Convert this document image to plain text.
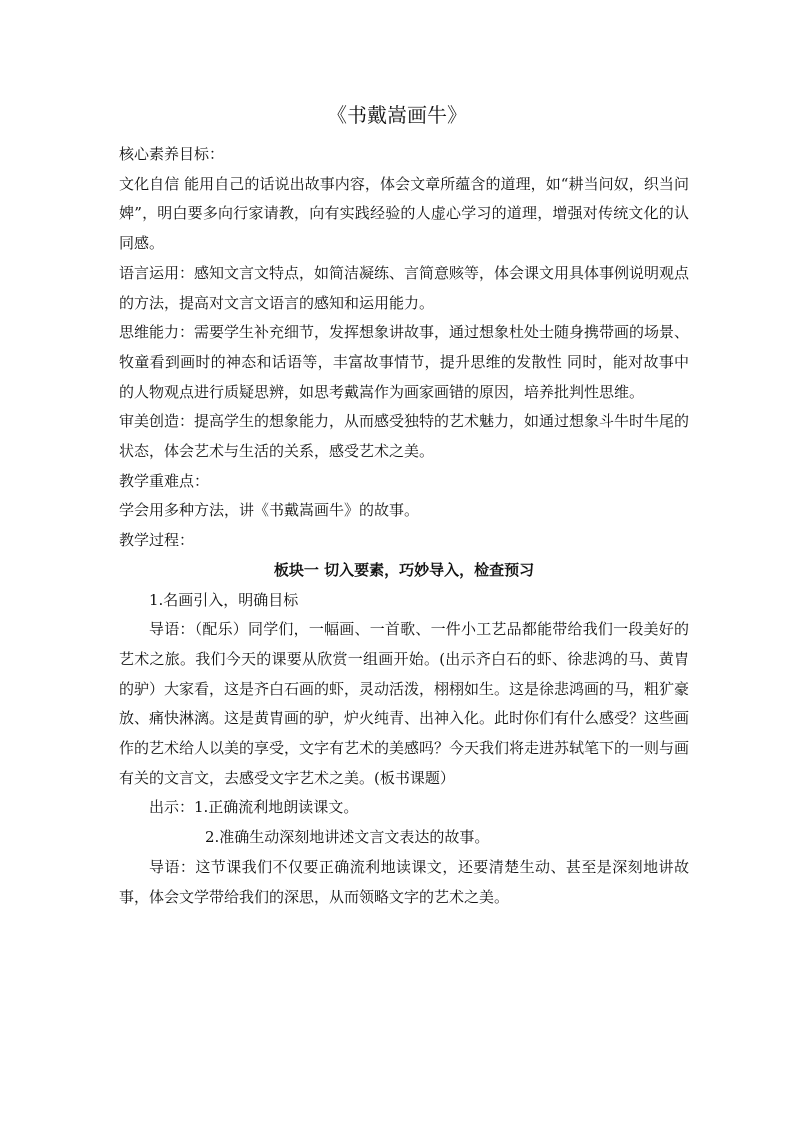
《书戴嵩画牛》

核心素养目标：

文化自信 能用自己的话说出故事内容，体会文章所蕴含的道理，如“耕当问奴，织当问婢”，明白要多向行家请教，向有实践经验的人虚心学习的道理，增强对传统文化的认同感。

语言运用：感知文言文特点，如简洁凝练、言简意赅等，体会课文用具体事例说明观点的方法，提高对文言文语言的感知和运用能力。

思维能力：需要学生补充细节，发挥想象讲故事，通过想象杜处士随身携带画的场景、牧童看到画时的神态和话语等，丰富故事情节，提升思维的发散性 同时，能对故事中的人物观点进行质疑思辨，如思考戴嵩作为画家画错的原因，培养批判性思维。

审美创造：提高学生的想象能力，从而感受独特的艺术魅力，如通过想象斗牛时牛尾的状态，体会艺术与生活的关系，感受艺术之美。

教学重难点：

学会用多种方法，讲《书戴嵩画牛》的故事。

教学过程：

板块一 切入要素，巧妙导入，检查预习

1.名画引入，明确目标

导语：（配乐）同学们，一幅画、一首歌、一件小工艺品都能带给我们一段美好的艺术之旅。我们今天的课要从欣赏一组画开始。(出示齐白石的虾、徐悲鸿的马、黄胄的驴）大家看，这是齐白石画的虾，灵动活泼，栩栩如生。这是徐悲鸿画的马，粗犷豪放、痛快淋漓。这是黄胄画的驴，炉火纯青、出神入化。此时你们有什么感受？这些画作的艺术给人以美的享受，文字有艺术的美感吗？今天我们将走进苏轼笔下的一则与画有关的文言文，去感受文字艺术之美。(板书课题）

出示：1.正确流利地朗读课文。

2.准确生动深刻地讲述文言文表达的故事。

导语：这节课我们不仅要正确流利地读课文，还要清楚生动、甚至是深刻地讲故事，体会文学带给我们的深思，从而领略文字的艺术之美。
